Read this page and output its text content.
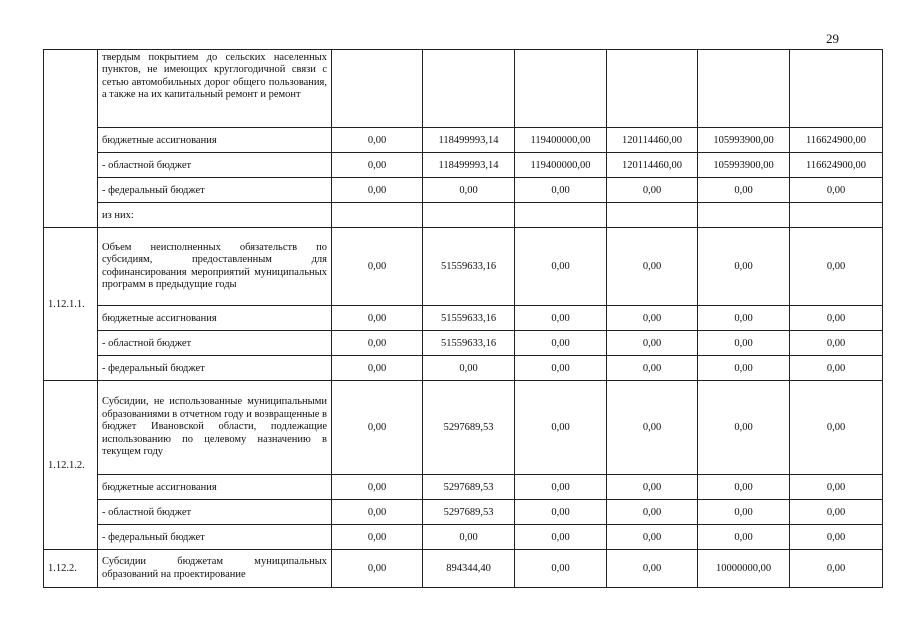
29
	твердым покрытием до сельских населенных пунктов, не имеющих круглогодичной связи с сетью автомобильных дорог общего пользования, а также на их капитальный ремонт и ремонт						
	бюджетные ассигнования	0,00	118499993,14	119400000,00	120114460,00	105993900,00	116624900,00
	- областной бюджет	0,00	118499993,14	119400000,00	120114460,00	105993900,00	116624900,00
	- федеральный бюджет	0,00	0,00	0,00	0,00	0,00	0,00
	из них:						
1.12.1.1.	Объем неисполненных обязательств по субсидиям, предоставленным для софинансирования мероприятий муниципальных программ в предыдущие годы	0,00	51559633,16	0,00	0,00	0,00	0,00
	бюджетные ассигнования	0,00	51559633,16	0,00	0,00	0,00	0,00
	- областной бюджет	0,00	51559633,16	0,00	0,00	0,00	0,00
	- федеральный бюджет	0,00	0,00	0,00	0,00	0,00	0,00
1.12.1.2.	Субсидии, не использованные муниципальными образованиями в отчетном году и возвращенные в бюджет Ивановской области, подлежащие использованию по целевому назначению в текущем году	0,00	5297689,53	0,00	0,00	0,00	0,00
	бюджетные ассигнования	0,00	5297689,53	0,00	0,00	0,00	0,00
	- областной бюджет	0,00	5297689,53	0,00	0,00	0,00	0,00
	- федеральный бюджет	0,00	0,00	0,00	0,00	0,00	0,00
1.12.2.	Субсидии бюджетам муниципальных образований на проектирование	0,00	894344,40	0,00	0,00	10000000,00	0,00
